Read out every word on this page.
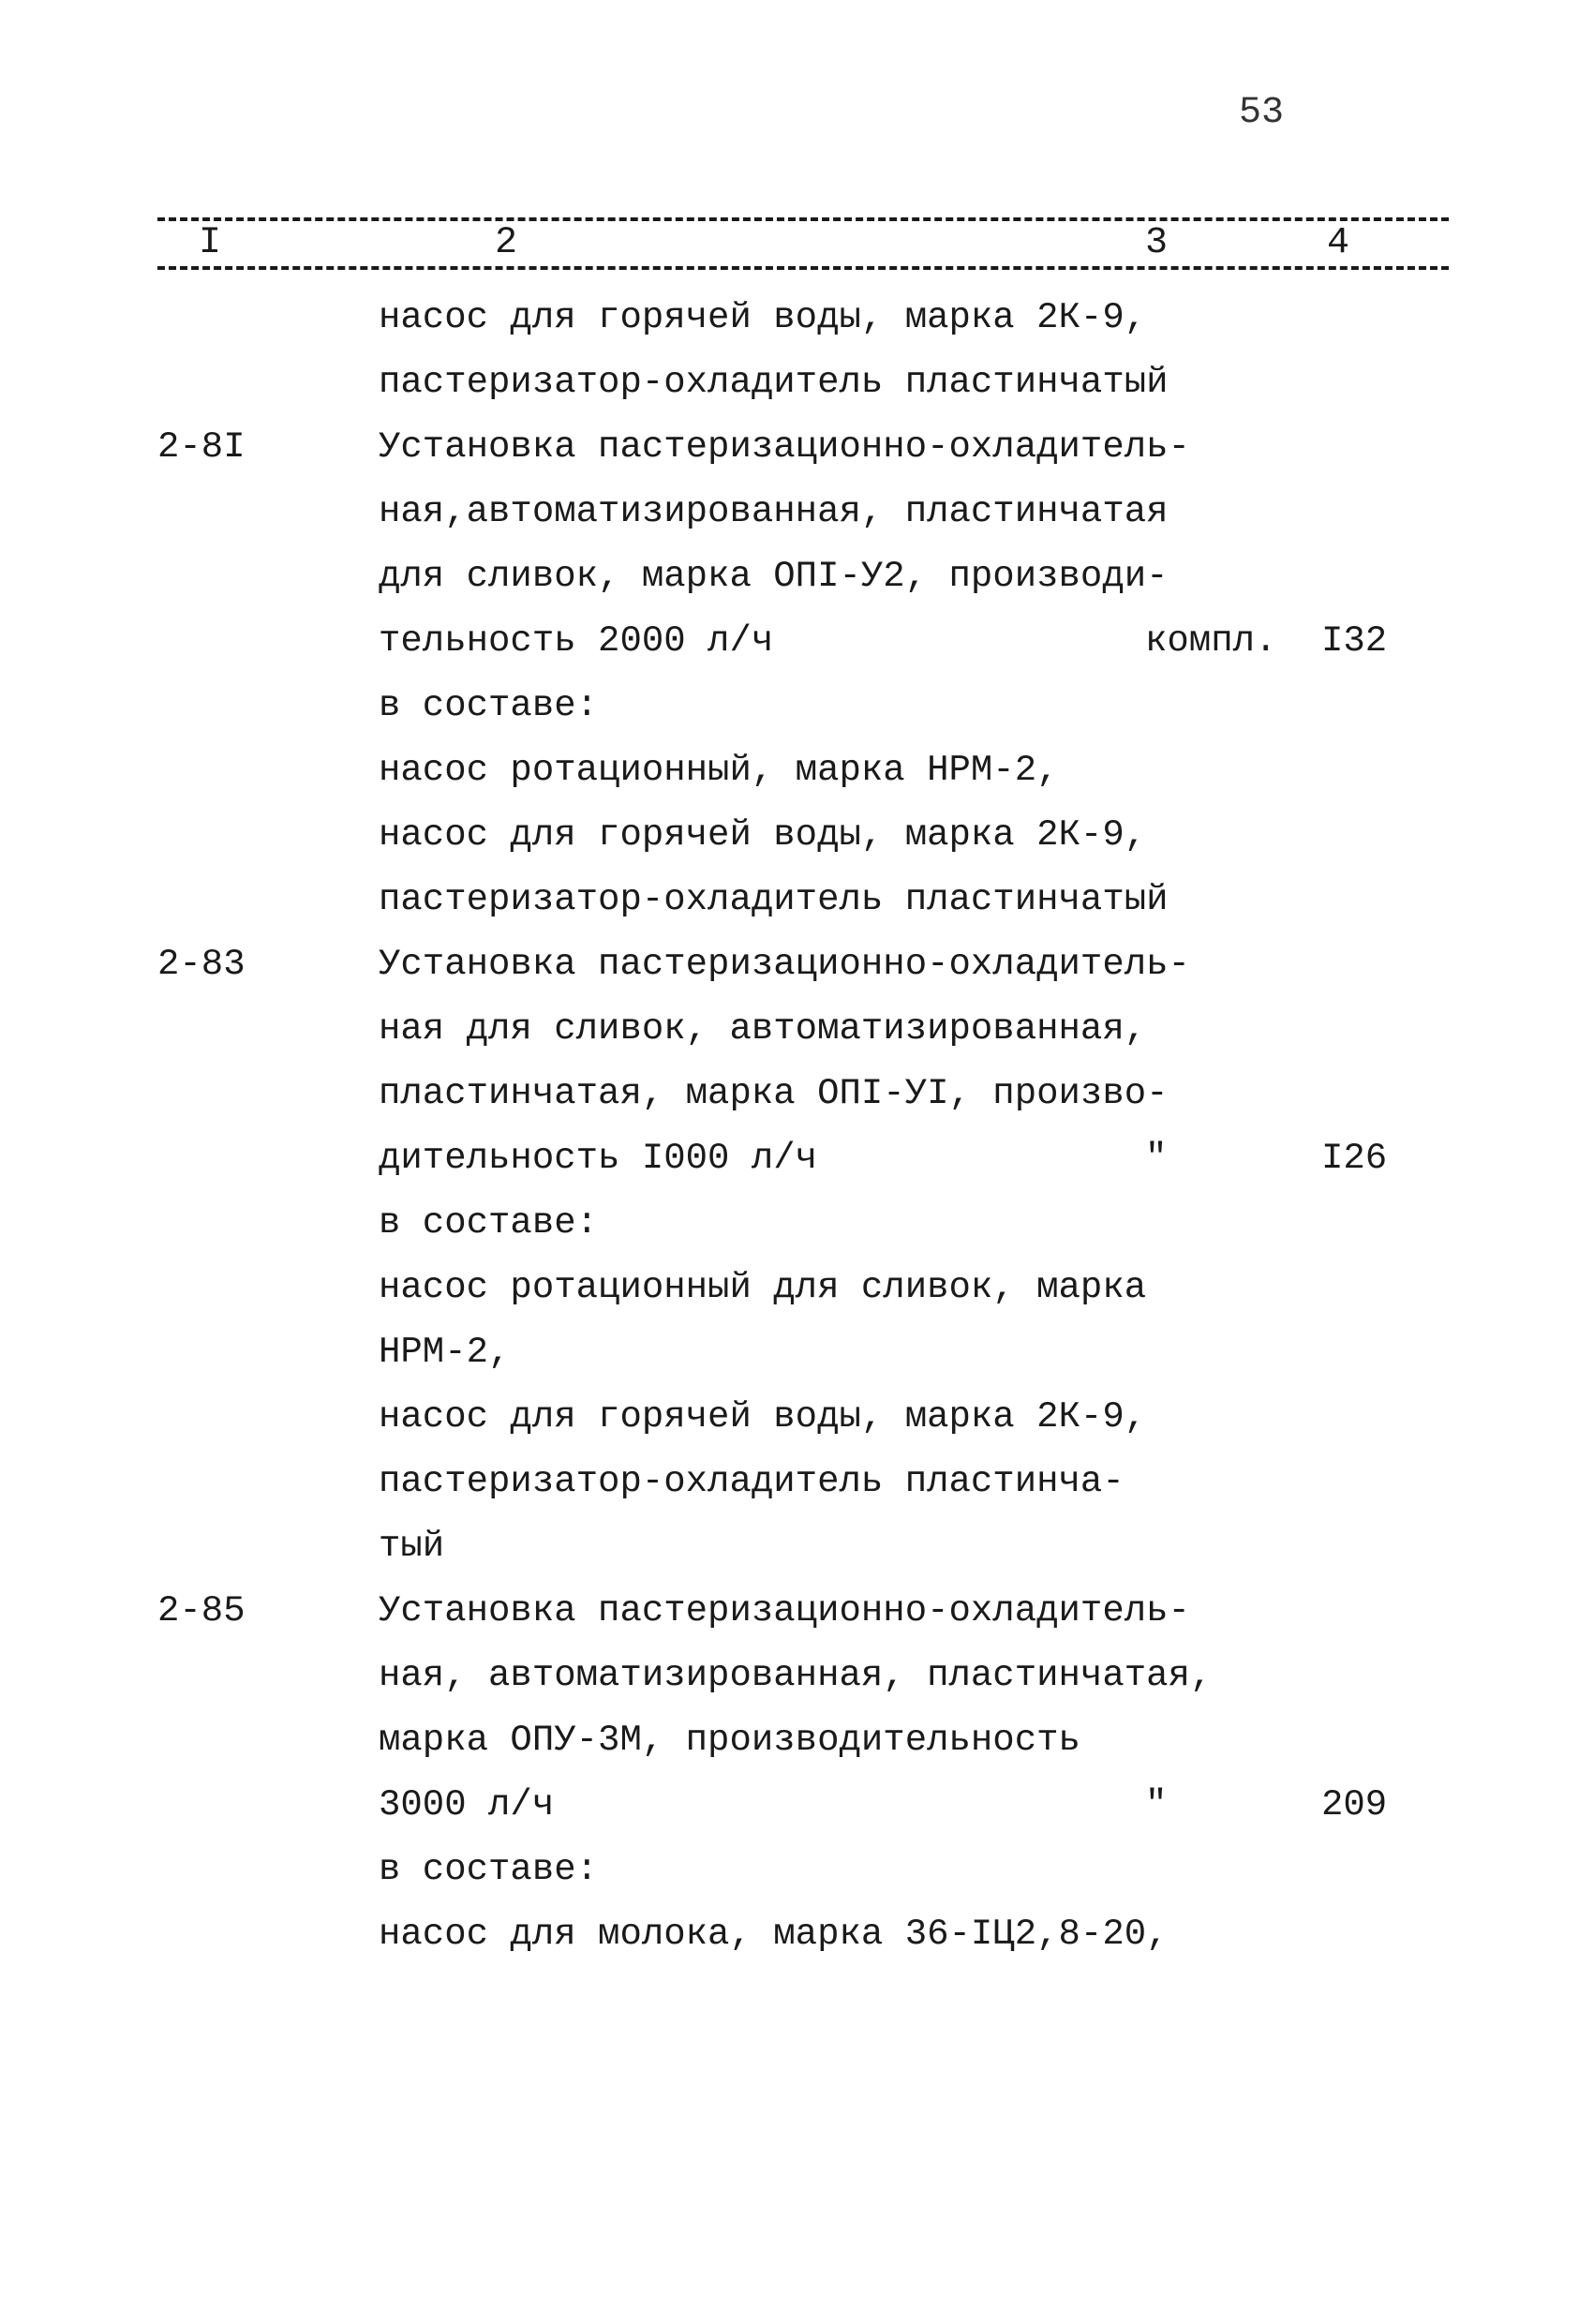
53
I	2	3	4
насос для горячей воды, марка 2К-9,
пастеризатор-охладитель пластинчатый
2-8I	Установка пастеризационно-охладитель-
ная,автоматизированная, пластинчатая
для сливок, марка ОПI-У2, производи-
тельность 2000 л/ч	компл. I32
в составе:
насос ротационный, марка НРМ-2,
насос для горячей воды, марка 2К-9,
пастеризатор-охладитель пластинчатый
2-83	Установка пастеризационно-охладитель-
ная для сливок, автоматизированная,
пластинчатая, марка ОПI-УI, произво-
дительность I000 л/ч	"	I26
в составе:
насос ротационный для сливок, марка
НРМ-2,
насос для горячей воды, марка 2К-9,
пастеризатор-охладитель пластинча-
тый
2-85	Установка пастеризационно-охладитель-
ная, автоматизированная, пластинчатая,
марка ОПУ-3М, производительность
3000 л/ч	"	209
в составе:
насос для молока, марка 36-IЦ2,8-20,
